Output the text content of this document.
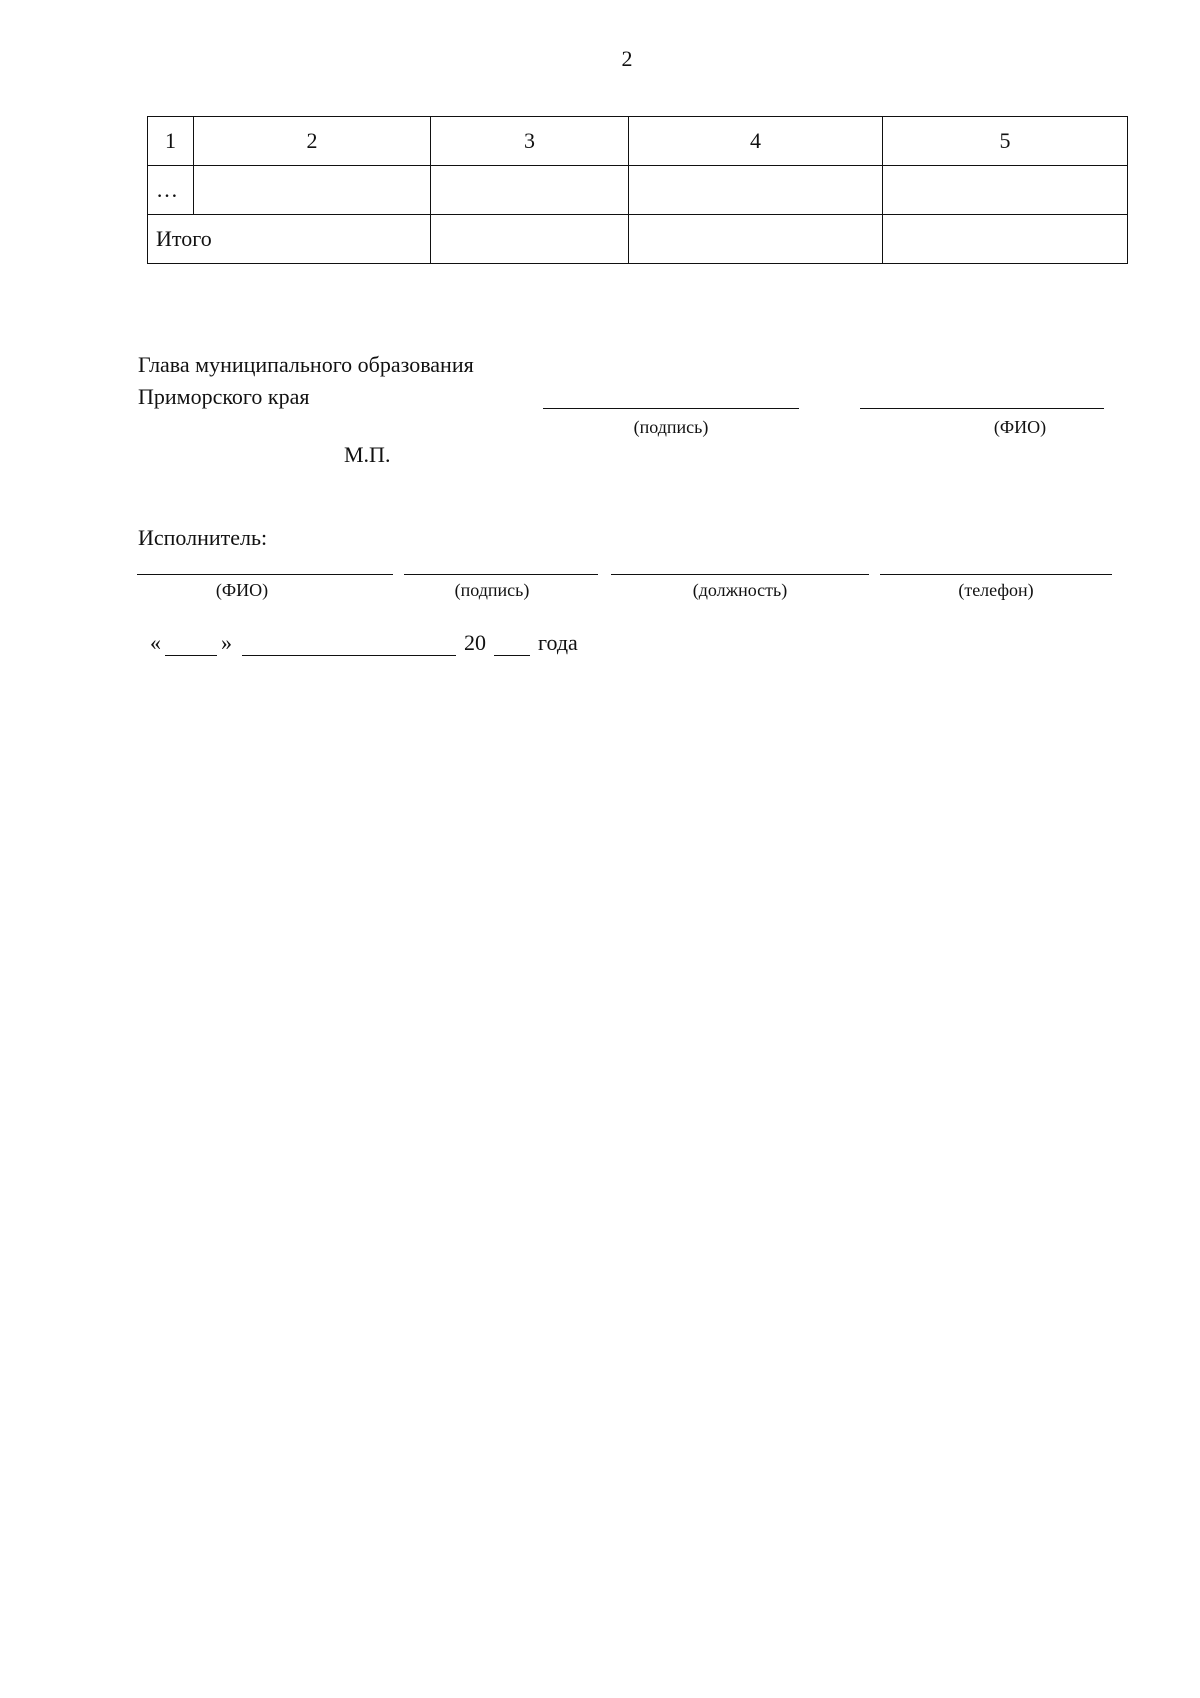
2
1	2	3	4	5
…				
Итого				
Глава муниципального образования
Приморского края
(подпись)	(ФИО)
М.П.
Исполнитель:
(ФИО)	(подпись)	(должность)	(телефон)
«	»	20 года
